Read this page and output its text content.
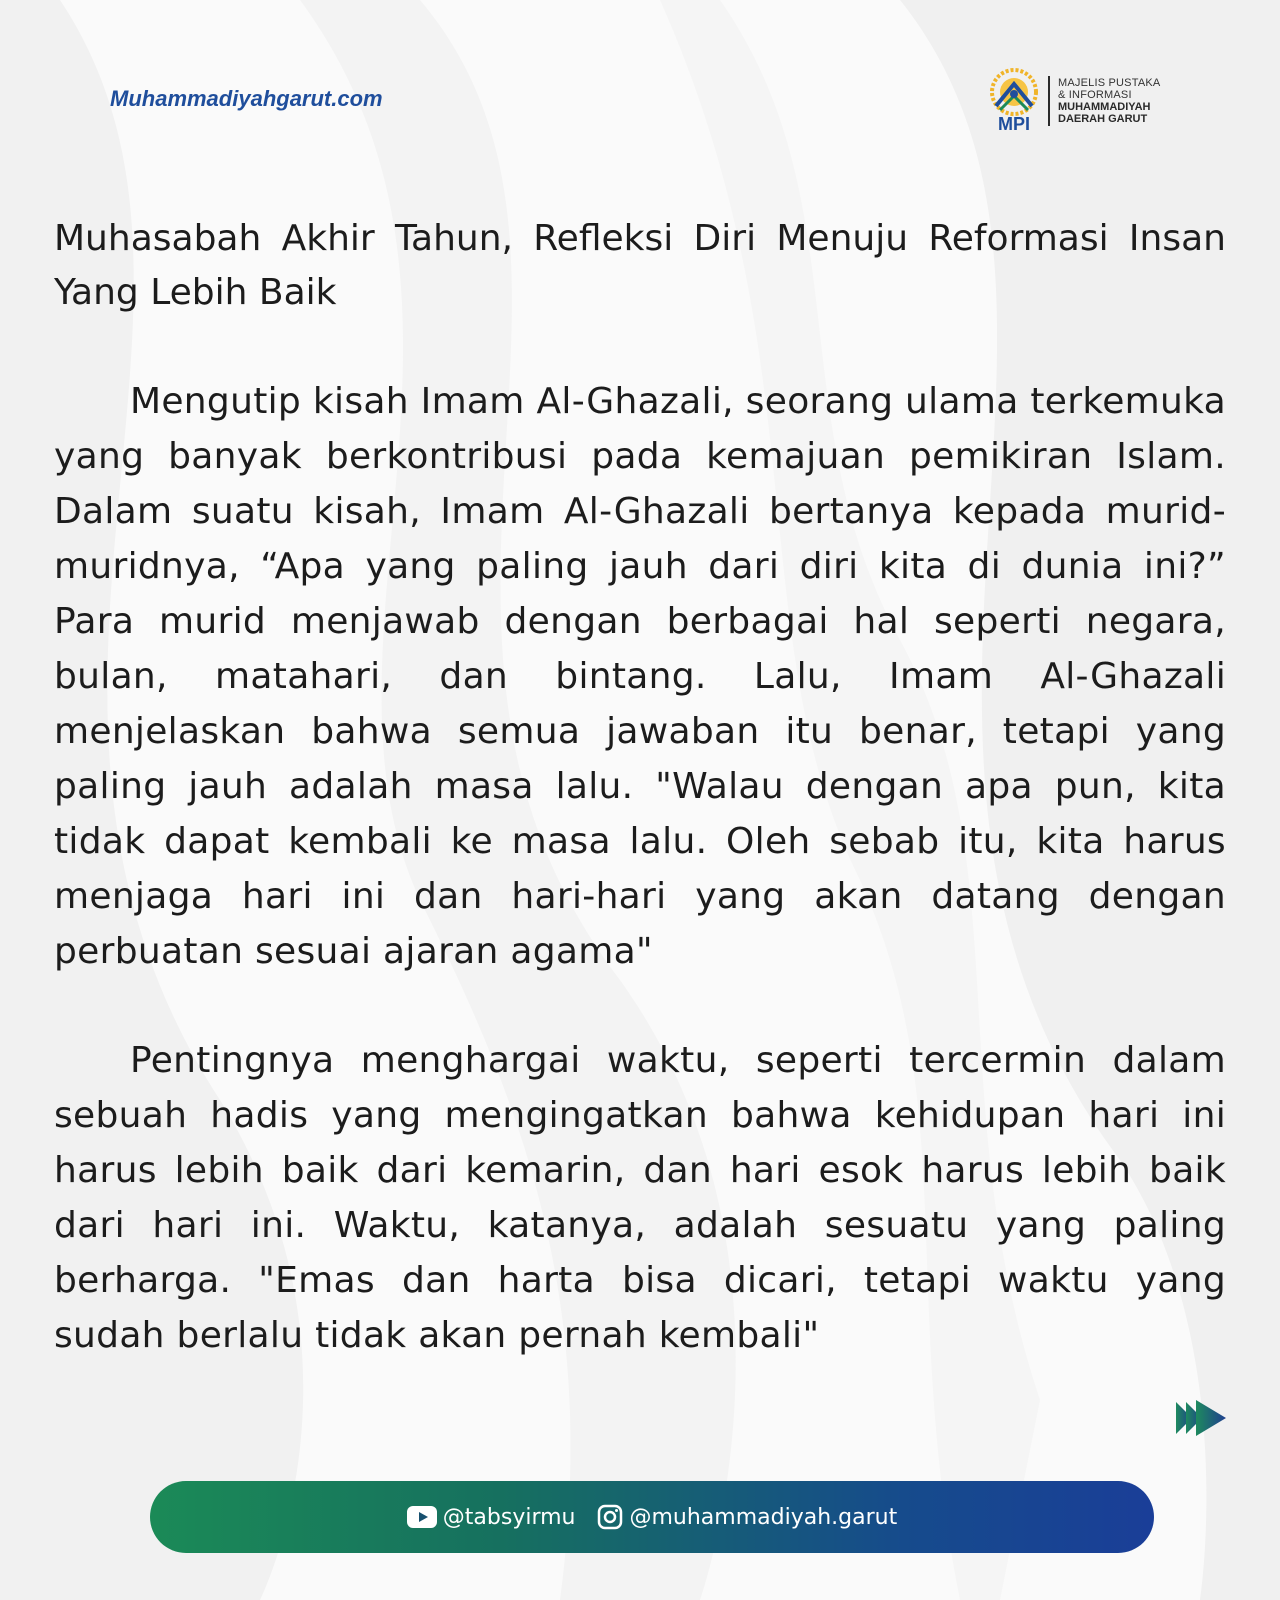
Muhammadiyahgarut.com
MPI
MAJELIS PUSTAKA
& INFORMASI
MUHAMMADIYAH
DAERAH GARUT
Muhasabah Akhir Tahun, Refleksi Diri Menuju Reformasi Insan Yang Lebih Baik

Mengutip kisah Imam Al-Ghazali, seorang ulama terkemuka yang banyak berkontribusi pada kemajuan pemikiran Islam. Dalam suatu kisah, Imam Al-Ghazali bertanya kepada murid-muridnya, “Apa yang paling jauh dari diri kita di dunia ini?” Para murid menjawab dengan berbagai hal seperti negara, bulan, matahari, dan bintang. Lalu, Imam Al-Ghazali menjelaskan bahwa semua jawaban itu benar, tetapi yang paling jauh adalah masa lalu. "Walau dengan apa pun, kita tidak dapat kembali ke masa lalu. Oleh sebab itu, kita harus menjaga hari ini dan hari-hari yang akan datang dengan perbuatan sesuai ajaran agama"

Pentingnya menghargai waktu, seperti tercermin dalam sebuah hadis yang mengingatkan bahwa kehidupan hari ini harus lebih baik dari kemarin, dan hari esok harus lebih baik dari hari ini. Waktu, katanya, adalah sesuatu yang paling berharga. "Emas dan harta bisa dicari, tetapi waktu yang sudah berlalu tidak akan pernah kembali"

@tabsyirmu @muhammadiyah.garut
